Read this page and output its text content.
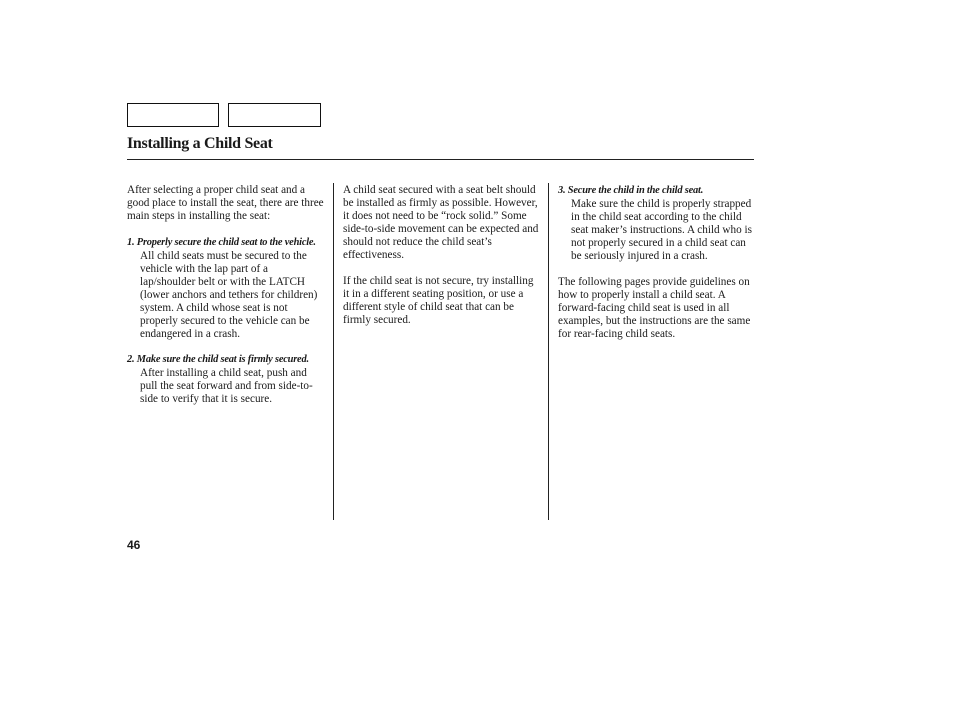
Installing a Child Seat

After selecting a proper child seat and a good place to install the seat, there are three main steps in installing the seat:

1. Properly secure the child seat to the vehicle. All child seats must be secured to the vehicle with the lap part of a lap/shoulder belt or with the LATCH (lower anchors and tethers for children) system. A child whose seat is not properly secured to the vehicle can be endangered in a crash.

2. Make sure the child seat is firmly secured. After installing a child seat, push and pull the seat forward and from side-to-side to verify that it is secure.

A child seat secured with a seat belt should be installed as firmly as possible. However, it does not need to be “rock solid.” Some side-to-side movement can be expected and should not reduce the child seat’s effectiveness.

If the child seat is not secure, try installing it in a different seating position, or use a different style of child seat that can be firmly secured.

3. Secure the child in the child seat.
Make sure the child is properly strapped in the child seat according to the child seat maker’s instructions. A child who is not properly secured in a child seat can be seriously injured in a crash.

The following pages provide guidelines on how to properly install a child seat. A forward-facing child seat is used in all examples, but the instructions are the same for rear-facing child seats.

46
